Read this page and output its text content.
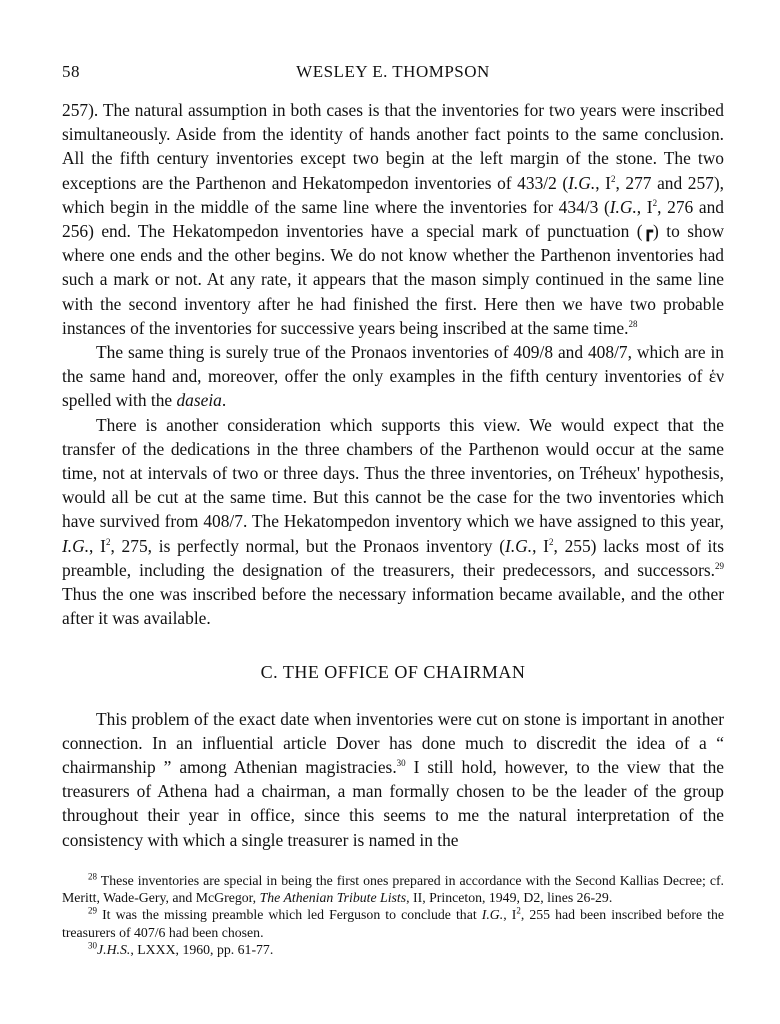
58	WESLEY E. THOMPSON

257). The natural assumption in both cases is that the inventories for two years were inscribed simultaneously. Aside from the identity of hands another fact points to the same conclusion. All the fifth century inventories except two begin at the left margin of the stone. The two exceptions are the Parthenon and Hekatompedon inventories of 433/2 (I.G., $I^2$, 277 and 257), which begin in the middle of the same line where the inventories for 434/3 (I.G., $I^2$, 276 and 256) end. The Hekatompedon inventories have a special mark of punctuation (┏) to show where one ends and the other begins. We do not know whether the Parthenon inventories had such a mark or not. At any rate, it appears that the mason simply continued in the same line with the second inventory after he had finished the first. Here then we have two probable instances of the inventories for successive years being inscribed at the same time.$^{28}$

The same thing is surely true of the Pronaos inventories of 409/8 and 408/7, which are in the same hand and, moreover, offer the only examples in the fifth century inventories of ἑν spelled with the daseia.

There is another consideration which supports this view. We would expect that the transfer of the dedications in the three chambers of the Parthenon would occur at the same time, not at intervals of two or three days. Thus the three inventories, on Tréheux' hypothesis, would all be cut at the same time. But this cannot be the case for the two inventories which have survived from 408/7. The Hekatompedon inventory which we have assigned to this year, I.G., $I^2$, 275, is perfectly normal, but the Pronaos inventory (I.G., $I^2$, 255) lacks most of its preamble, including the designation of the treasurers, their predecessors, and successors.$^{29}$ Thus the one was inscribed before the necessary information became available, and the other after it was available.

C. THE OFFICE OF CHAIRMAN

This problem of the exact date when inventories were cut on stone is important in another connection. In an influential article Dover has done much to discredit the idea of a “ chairmanship ” among Athenian magistracies.$^{30}$ I still hold, however, to the view that the treasurers of Athena had a chairman, a man formally chosen to be the leader of the group throughout their year in office, since this seems to me the natural interpretation of the consistency with which a single treasurer is named in the

$^{28}$ These inventories are special in being the first ones prepared in accordance with the Second Kallias Decree; cf. Meritt, Wade-Gery, and McGregor, The Athenian Tribute Lists, II, Princeton, 1949, D2, lines 26-29.

$^{29}$ It was the missing preamble which led Ferguson to conclude that I.G., $I^2$, 255 had been inscribed before the treasurers of 407/6 had been chosen.

$^{30}$J.H.S., LXXX, 1960, pp. 61-77.
